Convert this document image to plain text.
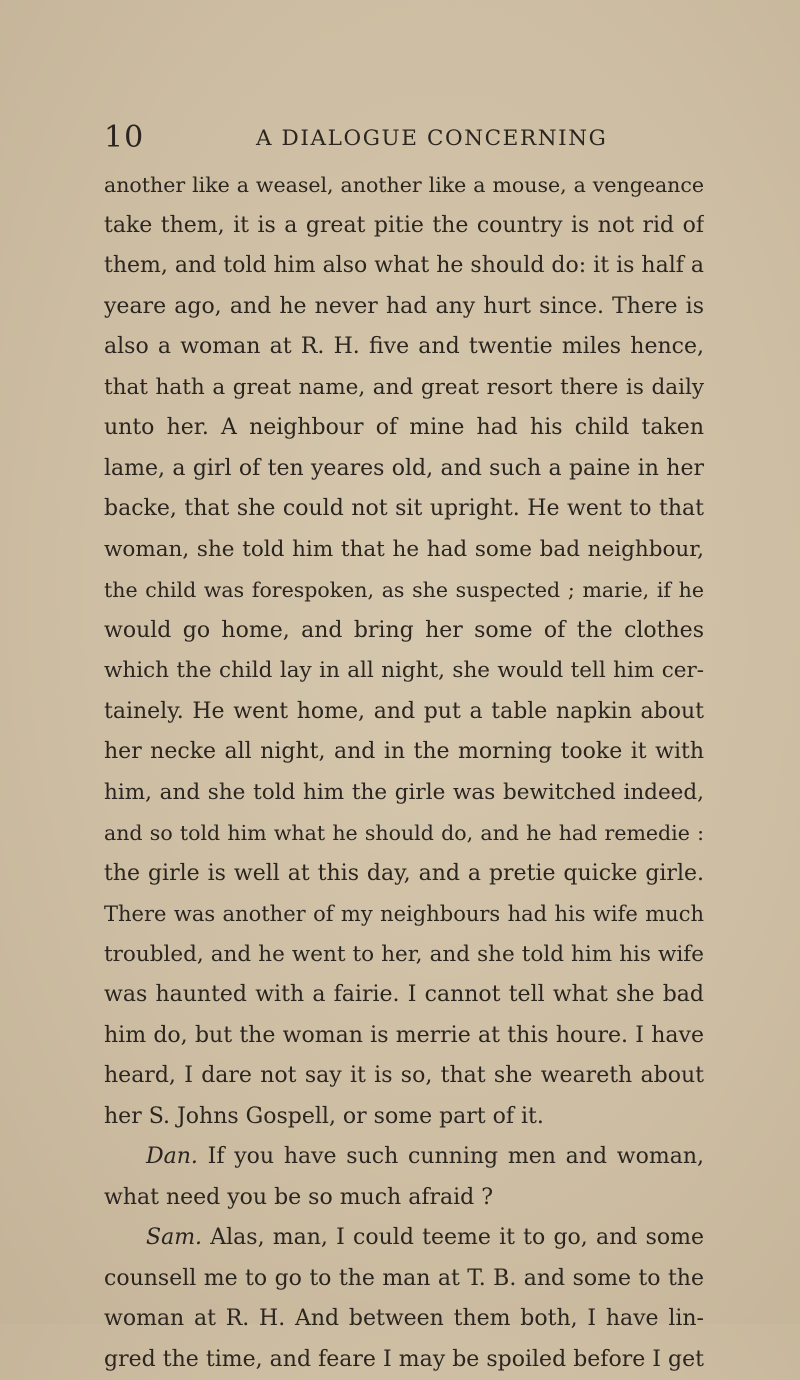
10	A DIALOGUE CONCERNING
another like a weasel, another like a mouse, a vengeance
take them, it is a great pitie the country is not rid of
them, and told him also what he should do: it is half a
yeare ago, and he never had any hurt since. There is
also a woman at R. H. five and twentie miles hence,
that hath a great name, and great resort there is daily
unto her. A neighbour of mine had his child taken
lame, a girl of ten yeares old, and such a paine in her
backe, that she could not sit upright. He went to that
woman, she told him that he had some bad neighbour,
the child was forespoken, as she suspected ; marie, if he
would go home, and bring her some of the clothes
which the child lay in all night, she would tell him cer-
tainely. He went home, and put a table napkin about
her necke all night, and in the morning tooke it with
him, and she told him the girle was bewitched indeed,
and so told him what he should do, and he had remedie :
the girle is well at this day, and a pretie quicke girle.
There was another of my neighbours had his wife much
troubled, and he went to her, and she told him his wife
was haunted with a fairie. I cannot tell what she bad
him do, but the woman is merrie at this houre. I have
heard, I dare not say it is so, that she weareth about
her S. Johns Gospell, or some part of it.
Dan. If you have such cunning men and woman,
what need you be so much afraid ?
Sam. Alas, man, I could teeme it to go, and some
counsell me to go to the man at T. B. and some to the
woman at R. H. And between them both, I have lin-
gred the time, and feare I may be spoiled before I get
